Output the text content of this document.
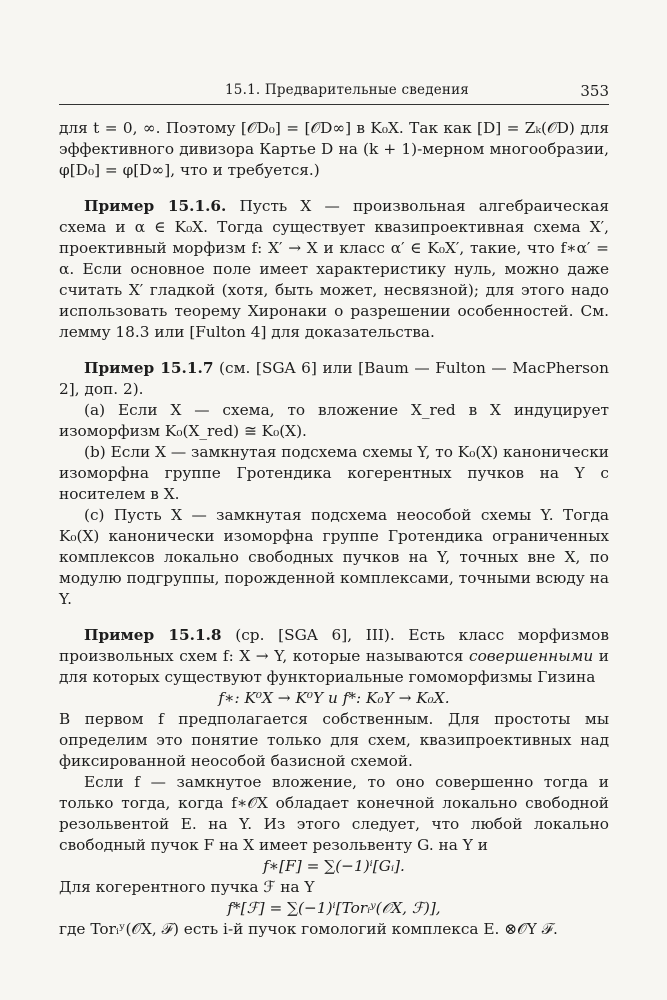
15.1. Предварительные сведения	353

для t = 0, ∞. Поэтому [𝒪D₀] = [𝒪D∞] в K₀X. Так как [D] = Zₖ(𝒪D) для эффективного дивизора Картье D на (k + 1)-мерном многообразии, φ[D₀] = φ[D∞], что и требуется.)

Пример 15.1.6. Пусть X — произвольная алгебраическая схема и α ∈ K₀X. Тогда существует квазипроективная схема X′, проективный морфизм f: X′ → X и класс α′ ∈ K₀X′, такие, что f∗α′ = α. Если основное поле имеет характеристику нуль, можно даже считать X′ гладкой (хотя, быть может, несвязной); для этого надо использовать теорему Хиронаки о разрешении особенностей. См. лемму 18.3 или [Fulton 4] для доказательства.

Пример 15.1.7 (см. [SGA 6] или [Baum — Fulton — MacPherson 2], доп. 2).

(a) Если X — схема, то вложение X_red в X индуцирует изоморфизм K₀(X_red) ≅ K₀(X).

(b) Если X — замкнутая подсхема схемы Y, то K₀(X) канонически изоморфна группе Гротендика когерентных пучков на Y с носителем в X.

(c) Пусть X — замкнутая подсхема неособой схемы Y. Тогда K₀(X) канонически изоморфна группе Гротендика ограниченных комплексов локально свободных пучков на Y, точных вне X, по модулю подгруппы, порожденной комплексами, точными всюду на Y.

Пример 15.1.8 (ср. [SGA 6], III). Есть класс морфизмов произвольных схем f: X → Y, которые называются совершенными и для которых существуют функториальные гомоморфизмы Гизина

f∗: K⁰X → K⁰Y и f*: K₀Y → K₀X.

В первом f предполагается собственным. Для простоты мы определим это понятие только для схем, квазипроективных над фиксированной неособой базисной схемой.

Если f — замкнутое вложение, то оно совершенно тогда и только тогда, когда f∗𝒪X обладает конечной локально свободной резольвентой E. на Y. Из этого следует, что любой локально свободный пучок F на X имеет резольвенту G. на Y и

f∗[F] = ∑(−1)ⁱ[Gᵢ].

Для когерентного пучка ℱ на Y

f*[ℱ] = ∑(−1)ⁱ[Torᵢʸ(𝒪X, ℱ)],

где Torᵢʸ(𝒪X, ℱ) есть i-й пучок гомологий комплекса E. ⊗𝒪Y ℱ.
